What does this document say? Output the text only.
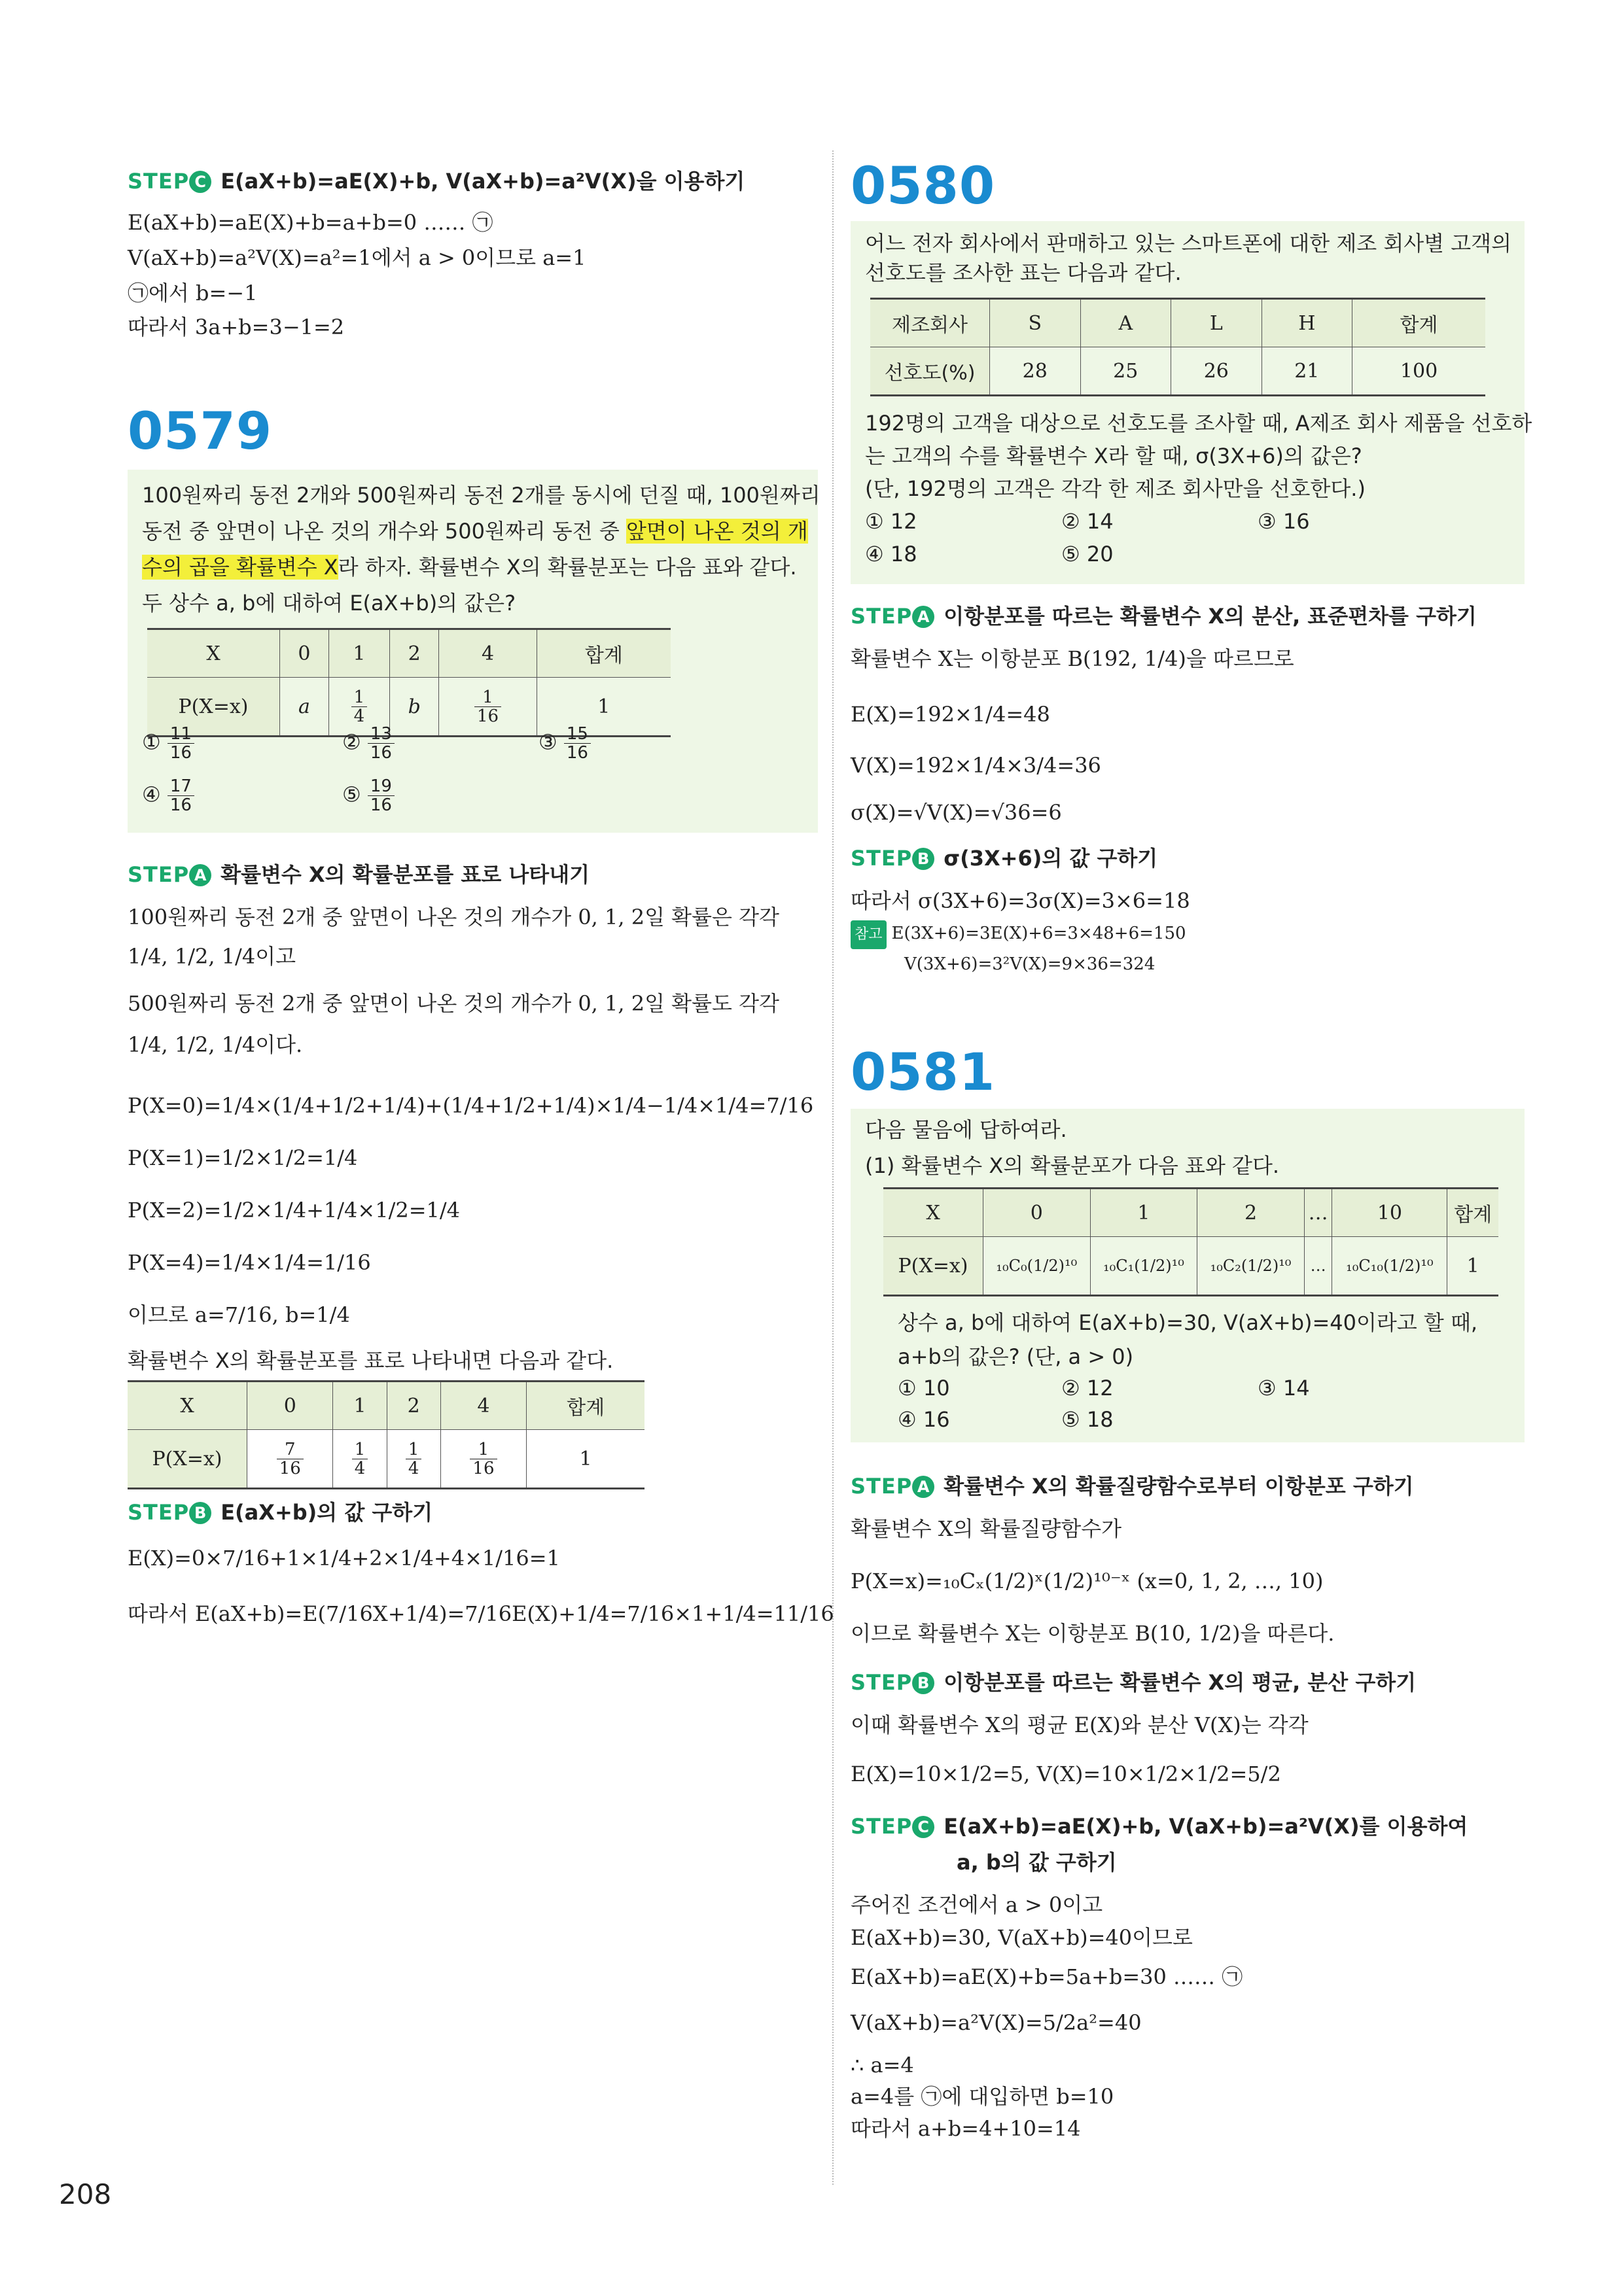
STEP C E(aX+b)=aE(X)+b, V(aX+b)=a²V(X)을 이용하기
E(aX+b)=aE(X)+b=a+b=0 …… ㉠
V(aX+b)=a²V(X)=a²=1에서 a > 0이므로 a=1
㉠에서 b=−1
따라서 3a+b=3−1=2
0579
100원짜리 동전 2개와 500원짜리 동전 2개를 동시에 던질 때, 100원짜리
동전 중 앞면이 나온 것의 개수와 500원짜리 동전 중 앞면이 나온 것의 개
수의 곱을 확률변수 X라 하자. 확률변수 X의 확률분포는 다음 표와 같다.
두 상수 a, b에 대하여 E(aX+b)의 값은?
X	0	1	2	4	합계
P(X=x)	a	$\frac{1}{4}$	b	$\frac{1}{16}$	1
① $\frac{11}{16}$	② $\frac{13}{16}$	③ $\frac{15}{16}$
④ $\frac{17}{16}$	⑤ $\frac{19}{16}$
STEP A 확률변수 X의 확률분포를 표로 나타내기
100원짜리 동전 2개 중 앞면이 나온 것의 개수가 0, 1, 2일 확률은 각각
1/4, 1/2, 1/4이고
500원짜리 동전 2개 중 앞면이 나온 것의 개수가 0, 1, 2일 확률도 각각
1/4, 1/2, 1/4이다.
P(X=0)=1/4×(1/4+1/2+1/4)+(1/4+1/2+1/4)×1/4−1/4×1/4=7/16
P(X=1)=1/2×1/2=1/4
P(X=2)=1/2×1/4+1/4×1/2=1/4
P(X=4)=1/4×1/4=1/16
이므로 a=7/16, b=1/4
확률변수 X의 확률분포를 표로 나타내면 다음과 같다.
X	0	1	2	4	합계
P(X=x)	$\frac{7}{16}$	$\frac{1}{4}$	$\frac{1}{4}$	$\frac{1}{16}$	1
STEP B E(aX+b)의 값 구하기
E(X)=0×7/16+1×1/4+2×1/4+4×1/16=1
따라서 E(aX+b)=E(7/16X+1/4)=7/16E(X)+1/4=7/16×1+1/4=11/16
0580
어느 전자 회사에서 판매하고 있는 스마트폰에 대한 제조 회사별 고객의
선호도를 조사한 표는 다음과 같다.
제조회사	S	A	L	H	합계
선호도(%)	28	25	26	21	100
192명의 고객을 대상으로 선호도를 조사할 때, A제조 회사 제품을 선호하
는 고객의 수를 확률변수 X라 할 때, σ(3X+6)의 값은?
(단, 192명의 고객은 각각 한 제조 회사만을 선호한다.)
① 12	② 14	③ 16
④ 18	⑤ 20
STEP A 이항분포를 따르는 확률변수 X의 분산, 표준편차를 구하기
확률변수 X는 이항분포 B(192, 1/4)을 따르므로
E(X)=192×1/4=48
V(X)=192×1/4×3/4=36
σ(X)=√V(X)=√36=6
STEP B σ(3X+6)의 값 구하기
따라서 σ(3X+6)=3σ(X)=3×6=18
참고 E(3X+6)=3E(X)+6=3×48+6=150
V(3X+6)=3²V(X)=9×36=324
0581
다음 물음에 답하여라.
(1) 확률변수 X의 확률분포가 다음 표와 같다.
X	0	1	2	…	10	합계
P(X=x)	₁₀C₀(1/2)¹⁰	₁₀C₁(1/2)¹⁰	₁₀C₂(1/2)¹⁰	…	₁₀C₁₀(1/2)¹⁰	1
상수 a, b에 대하여 E(aX+b)=30, V(aX+b)=40이라고 할 때,
a+b의 값은? (단, a > 0)
① 10	② 12	③ 14
④ 16	⑤ 18
STEP A 확률변수 X의 확률질량함수로부터 이항분포 구하기
확률변수 X의 확률질량함수가
P(X=x)=₁₀Cₓ(1/2)ˣ(1/2)¹⁰⁻ˣ (x=0, 1, 2, …, 10)
이므로 확률변수 X는 이항분포 B(10, 1/2)을 따른다.
STEP B 이항분포를 따르는 확률변수 X의 평균, 분산 구하기
이때 확률변수 X의 평균 E(X)와 분산 V(X)는 각각
E(X)=10×1/2=5, V(X)=10×1/2×1/2=5/2
STEP C E(aX+b)=aE(X)+b, V(aX+b)=a²V(X)를 이용하여
a, b의 값 구하기
주어진 조건에서 a > 0이고
E(aX+b)=30, V(aX+b)=40이므로
E(aX+b)=aE(X)+b=5a+b=30 …… ㉠
V(aX+b)=a²V(X)=5/2a²=40
∴ a=4
a=4를 ㉠에 대입하면 b=10
따라서 a+b=4+10=14
208
